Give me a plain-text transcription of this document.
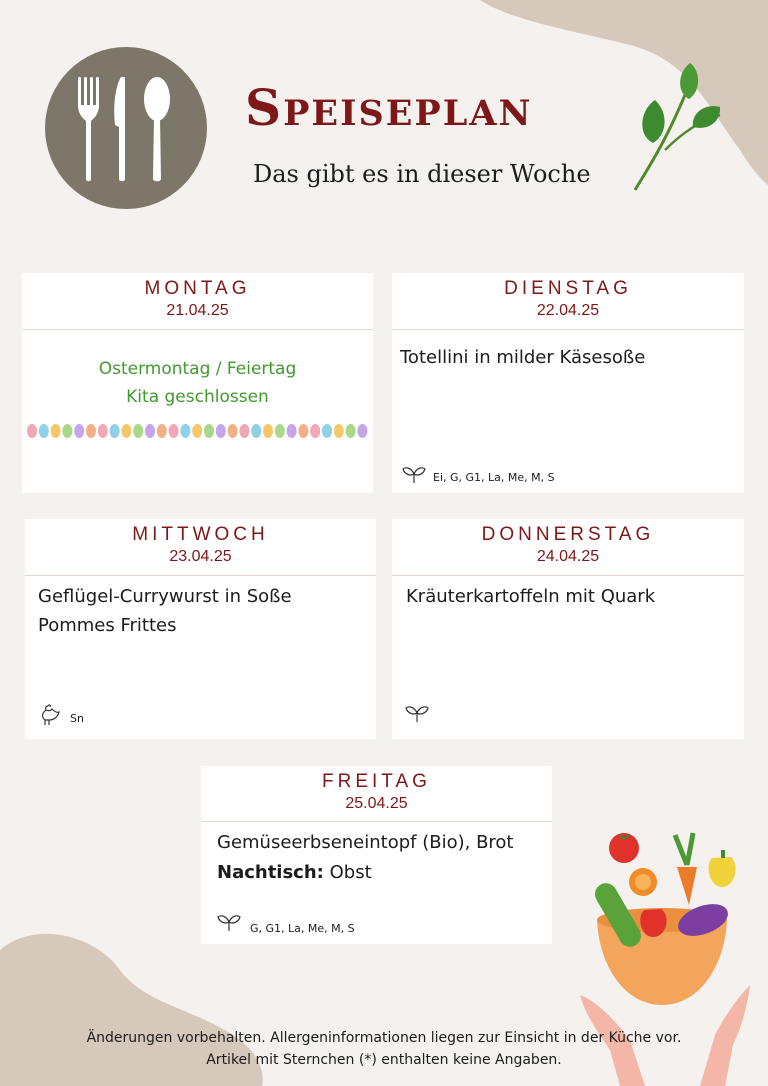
Speiseplan
Das gibt es in dieser Woche
MONTAG
21.04.25
Ostermontag / Feiertag
Kita geschlossen
DIENSTAG
22.04.25
Totellini in milder Käsesoße
Ei, G, G1, La, Me, M, S
MITTWOCH
23.04.25
Geflügel-Currywurst in Soße
Pommes Frittes
Sn
DONNERSTAG
24.04.25
Kräuterkartoffeln mit Quark
FREITAG
25.04.25
Gemüseerbseneintopf (Bio), Brot
Nachtisch: Obst
G, G1, La, Me, M, S
Änderungen vorbehalten. Allergeninformationen liegen zur Einsicht in der Küche vor.
Artikel mit Sternchen (*) enthalten keine Angaben.
